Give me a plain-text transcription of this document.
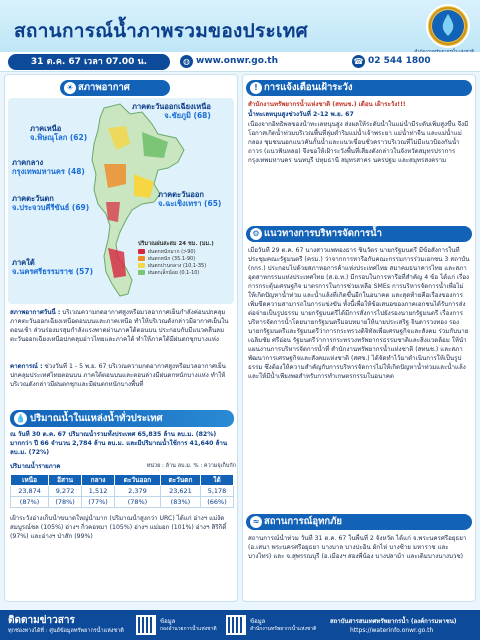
สถานการณ์น้ำภาพรวมของประเทศ
31 ต.ค. 67 เวลา 07.00 น.	◍ www.onwr.go.th	☎ 02 544 1800
☀ สภาพอากาศ
ภาคเหนือ
จ.พิษณุโลก (62)
ภาคกลาง
กรุงเทพมหานคร (48)
ภาคตะวันตก
จ.ประจวบคีรีขันธ์ (69)
ภาคใต้
จ.นครศรีธรรมราช (57)
ภาคตะวันออกเฉียงเหนือ
จ.ชัยภูมิ (68)
ภาคตะวันออก
จ.ฉะเชิงเทรา (65)
ปริมาณฝนสะสม 24 ชม. (มม.)
ฝนตกหนักมาก (>90)
ฝนตกหนัก (35.1-90)
ฝนตกปานกลาง (10.1-35)
ฝนตกเล็กน้อย (0.1-10)
สภาพอากาศวันนี้ : บริเวณความกดอากาศสูงหรือมวลอากาศเย็นกำลังค่อนปกคลุมภาคตะวันออกเฉียงเหนือตอนบนและภาคเหนือ ทำให้บริเวณดังกล่าวมีอากาศเย็นในตอนเช้า ส่วนร่องมรสุมกำลังแรงพาดผ่านภาคใต้ตอนบน ประกอบกับมีแนวคลื่นลมตะวันออกเฉียงเหนือปกคลุมอ่าวไทยและภาคใต้ ทำให้ภาคใต้มีฝนตกชุกบางแห่ง
คาดการณ์ : ช่วงวันที่ 1 - 5 พ.ย. 67 บริเวณความกดอากาศสูงหรือมวลอากาศเย็นปกคลุมประเทศไทยตอนบน ภาคใต้ตอนบนและตอนล่างมีฝนตกหนักบางแห่ง ทำให้บริเวณดังกล่าวมีฝนตกชุกและมีฝนตกหนักบางพื้นที่
💧 ปริมาณน้ำในแหล่งน้ำทั่วประเทศ
ณ วันที่ 30 ต.ค. 67 ปริมาณน้ำรวมทั้งประเทศ 65,835 ล้าน ลบ.ม. (82%) มากกว่า ปี 66 จำนวน 2,784 ล้าน ลบ.ม. และมีปริมาณน้ำใช้การ 41,640 ล้าน ลบ.ม. (72%)
ปริมาณน้ำรายภาค	หน่วย : ล้าน ลบ.ม. % : ความจุเก็บกัก
เหนือ	อีสาน	กลาง	ตะวันออก	ตะวันตก	ใต้
23,874	9,272	1,512	2,379	23,621	5,178
(87%)	(78%)	(77%)	(78%)	(83%)	(66%)
เฝ้าระวังอ่างเก็บน้ำขนาดใหญ่น้ำมาก (ปริมาณน้ำสูงกว่า URC) ได้แก่ อ่างฯ แม่งัดสมบูรณ์ชล (105%) อ่างฯ กิ่วคอหมา (105%) อ่างฯ แม่มอก (101%) อ่างฯ สิริกิติ์ (97%) และอ่างฯ ป่าสัก (99%)
! การแจ้งเตือนเฝ้าระวัง
สำนักงานทรัพยากรน้ำแห่งชาติ (สทนช.) เตือน เฝ้าระวัง!!!
น้ำทะเลหนุนสูงช่วงวันที่ 2-12 พ.ย. 67
เนื่องจากอิทธิพลของน้ำทะเลหนุนสูง ส่งผลให้ระดับน้ำในแม่น้ำมีระดับเพิ่มสูงขึ้น จึงมีโอกาสเกิดน้ำท่วมบริเวณพื้นที่ลุ่มต่ำริมแม่น้ำเจ้าพระยา แม่น้ำท่าจีน และแม่น้ำแม่กลอง ชุมชนนอกแนวคันกั้นน้ำและแนวเขื่อนชั่วคราวบริเวณที่ไม่มีแนวป้องกันน้ำถาวร (แนวฟันหลอ) จึงขอให้เฝ้าระวังพื้นที่เสี่ยงดังกล่าวในจังหวัดสมุทรปราการ กรุงเทพมหานคร นนทบุรี ปทุมธานี สมุทรสาคร นครปฐม และสมุทรสงคราม
⚙ แนวทางการบริหารจัดการน้ำ
เมื่อวันที่ 29 ต.ค. 67 นางสาวแพทองธาร ชินวัตร นายกรัฐมนตรี มีข้อสั่งการในที่ประชุมคณะรัฐมนตรี (ครม.) ว่าจากการหารือกับคณะกรรมการร่วมเอกชน 3 สถาบัน (กกร.) ประกอบไปด้วยสภาหอการค้าแห่งประเทศไทย สมาคมธนาคารไทย และสภาอุตสาหกรรมแห่งประเทศไทย (ส.อ.ท.) มีกรอบในการหารือที่สำคัญ 4 ข้อ ได้แก่ เรื่องการกระตุ้นเศรษฐกิจ มาตรการในการช่วยเหลือ SMEs การบริหารจัดการน้ำเพื่อไม่ให้เกิดปัญหาน้ำท่วม และน้ำแล้งที่เกิดขึ้นอีกในอนาคต และสุดท้ายคือเรื่องของการเพิ่มขีดความสามารถในการแข่งขัน ทั้งนี้เพื่อให้ข้อเสนอของภาคเอกชนได้รับการส่งต่อจ่ายเป็นรูปธรรม นายกรัฐมนตรีได้มีการสั่งการไปยังรองนายกรัฐมนตรี เรื่องการบริหารจัดการน้ำโดยนายกรัฐมนตรีมอบหมายให้นายประเสริฐ จินดารวงทอง รองนายกรัฐมนตรีและรัฐมนตรีว่าการกระทรวงดิจิทัลเพื่อเศรษฐกิจและสังคม ร่วมกับนายเฉลิมชัย ศรีอ่อน รัฐมนตรีว่าการกระทรวงทรัพยากรธรรมชาติและสิ่งแวดล้อม ให้นำแผนงานการบริหารจัดการน้ำที่ สำนักงานทรัพยากรน้ำแห่งชาติ (สทนช.) และสภาพัฒนาการเศรษฐกิจและสังคมแห่งชาติ (สศช.) ได้จัดทำไว้มาดำเนินการให้เป็นรูปธรรม ซึ่งต้องให้ความสำคัญกับการบริหารจัดการไม่ให้เกิดปัญหาน้ำท่วมและน้ำแล้ง และให้มีน้ำเพียงพอสำหรับการทำเกษตรกรรมในอนาคต
≈ สถานการณ์อุทกภัย
สถานการณ์น้ำท่วม วันที่ 31 ต.ค. 67 ในพื้นที่ 2 จังหวัด ได้แก่ จ.พระนครศรีอยุธยา (อ.เสนา พระนครศรีอยุธยา บางบาล บางปะอิน ผักไห่ บางซ้าย มหาราช และบางไทร) และ จ.สุพรรณบุรี (อ.เมืองฯ สองพี่น้อง บางปลาม้า และเดิมบางนางบวช)
ติดตามข่าวสาร
ทุกช่องทางได้ที่ : ศูนย์ข้อมูลทรัพยากรน้ำแห่งชาติ
ข้อมูล
กองอำนวยการน้ำแห่งชาติ
ข้อมูล
สำนักงานทรัพยากรน้ำแห่งชาติ
สถาบันสารสนเทศทรัพยากรน้ำ (องค์การมหาชน)
https://waterinfo.onwr.go.th
